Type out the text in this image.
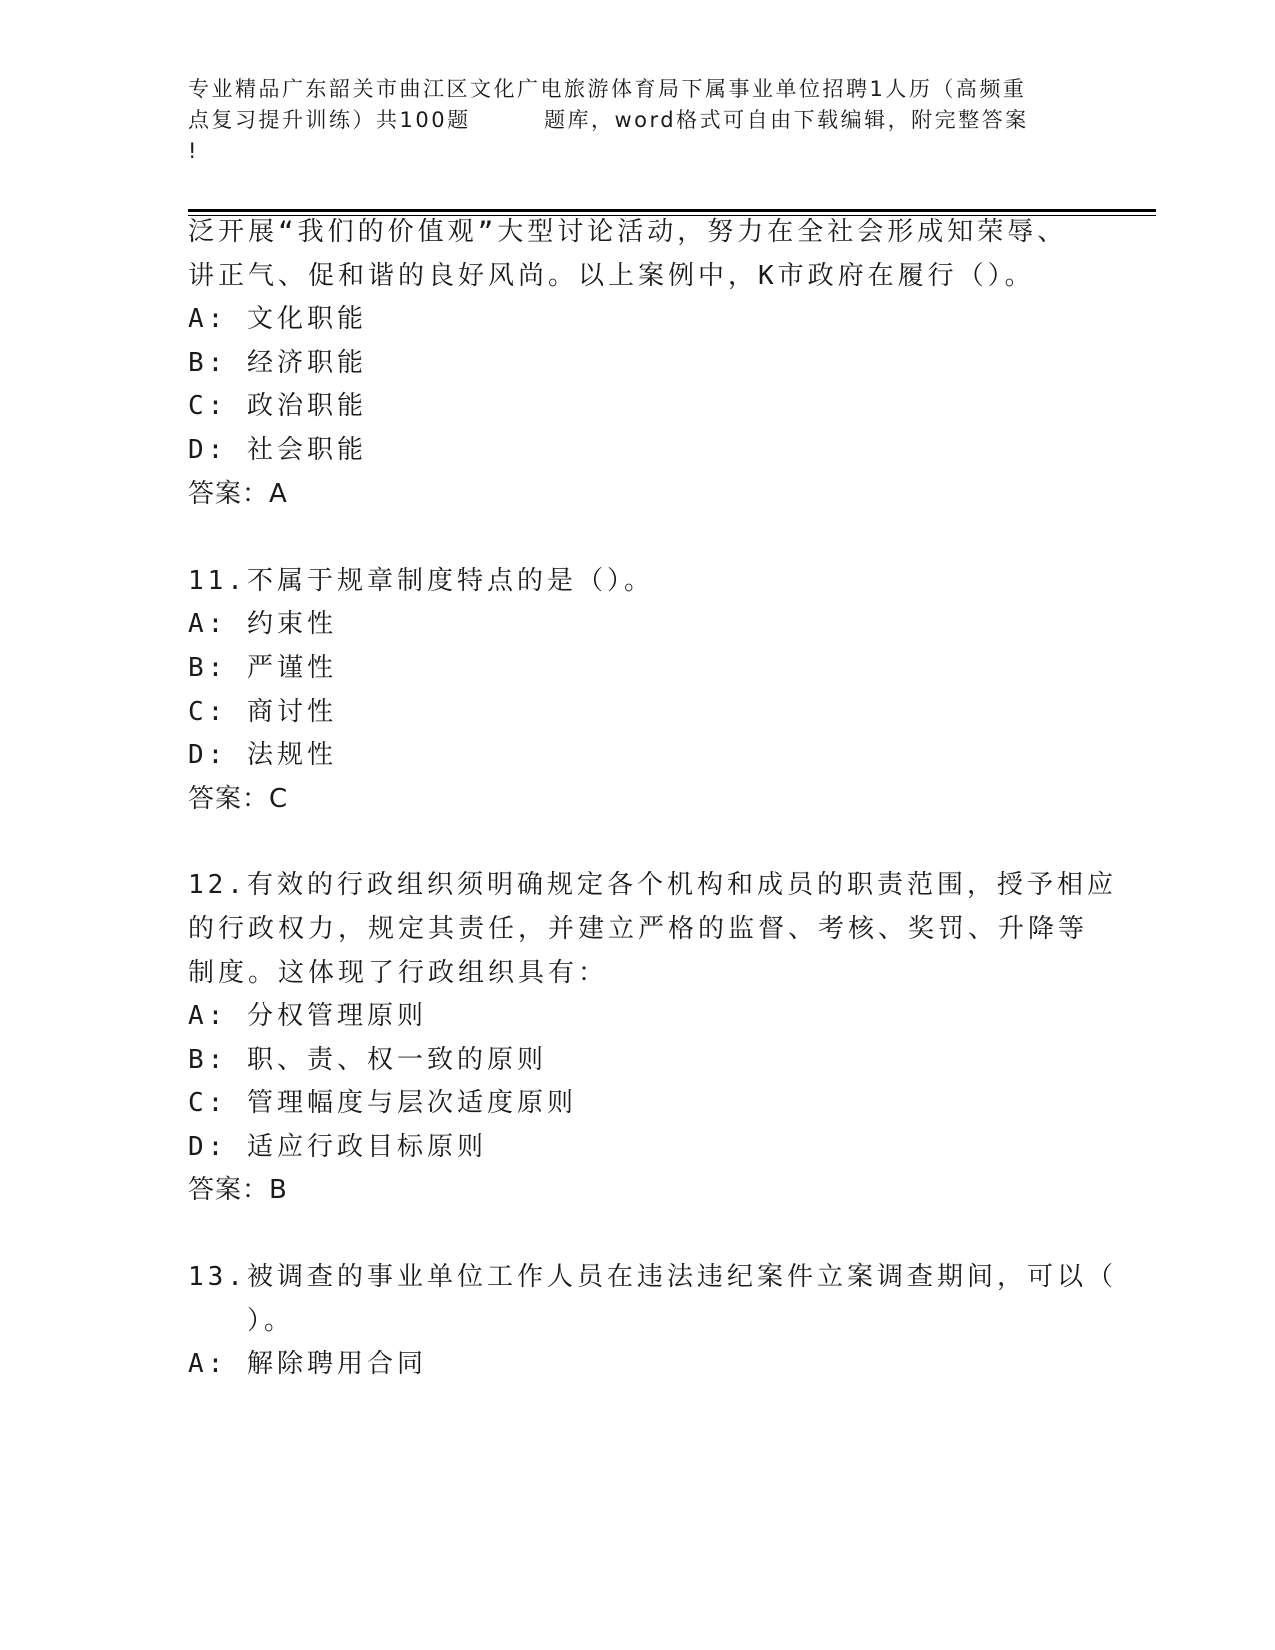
专业精品广东韶关市曲江区文化广电旅游体育局下属事业单位招聘1人历（高频重
点复习提升训练）共100题        题库，word格式可自由下载编辑，附完整答案
!
泛开展“我们的价值观”大型讨论活动，努力在全社会形成知荣辱、
讲正气、促和谐的良好风尚。以上案例中，K市政府在履行（）。
A: 文化职能
B: 经济职能
C: 政治职能
D: 社会职能
答案：A
11.不属于规章制度特点的是（）。
A: 约束性
B: 严谨性
C: 商讨性
D: 法规性
答案：C
12.有效的行政组织须明确规定各个机构和成员的职责范围，授予相应
的行政权力，规定其责任，并建立严格的监督、考核、奖罚、升降等
制度。这体现了行政组织具有：
A: 分权管理原则
B: 职、责、权一致的原则
C: 管理幅度与层次适度原则
D: 适应行政目标原则
答案：B
13.被调查的事业单位工作人员在违法违纪案件立案调查期间，可以（
）。
A: 解除聘用合同
